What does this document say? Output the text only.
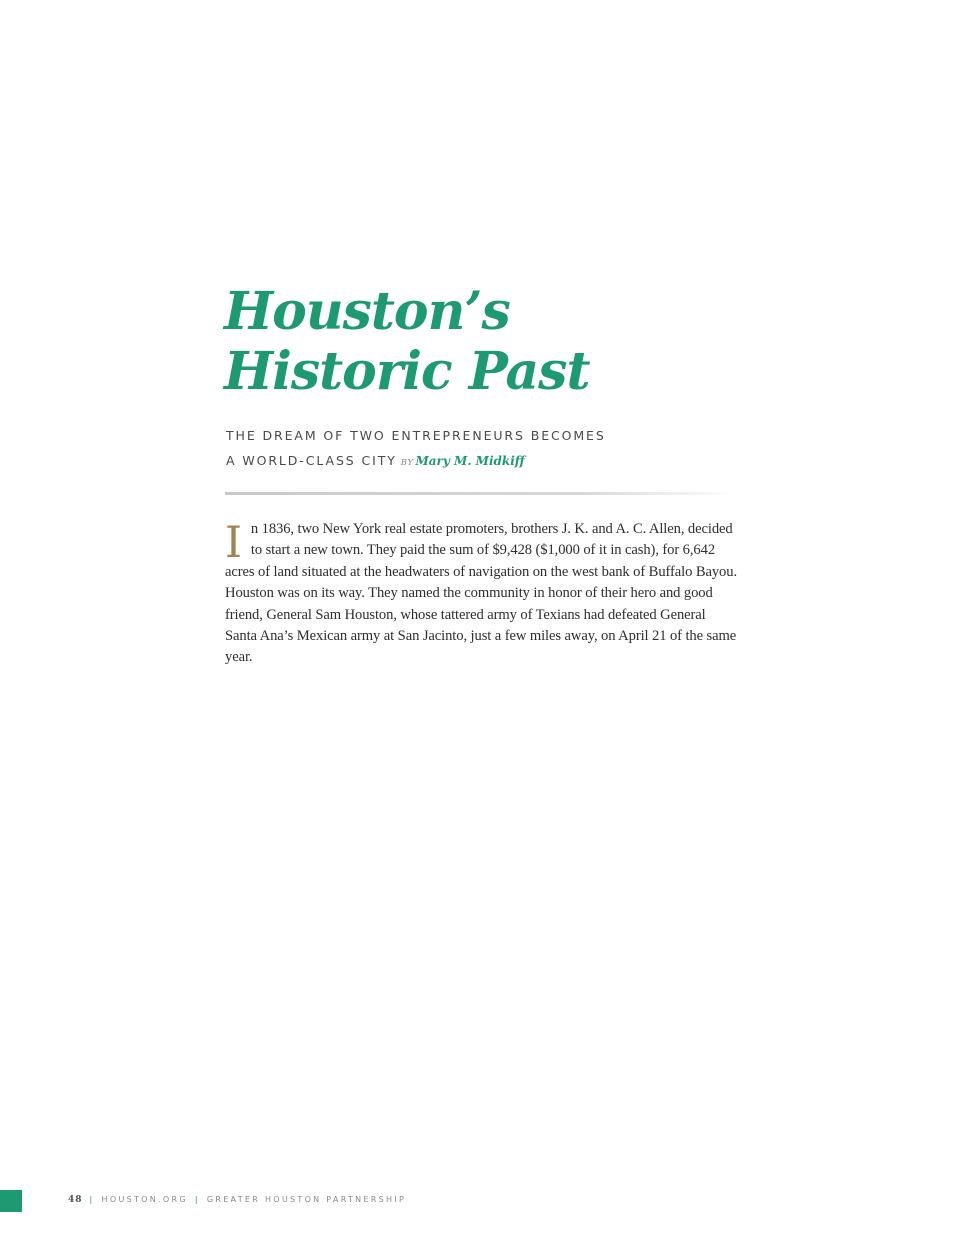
Houston’s
Historic Past

THE DREAM OF TWO ENTREPRENEURS BECOMES
A WORLD-CLASS CITY BY Mary M. Midkiff

In 1836, two New York real estate promoters, brothers J. K. and A. C. Allen, decided to start a new town. They paid the sum of $9,428 ($1,000 of it in cash), for 6,642 acres of land situated at the headwaters of navigation on the west bank of Buffalo Bayou. Houston was on its way. They named the community in honor of their hero and good friend, General Sam Houston, whose tattered army of Texians had defeated General Santa Ana’s Mexican army at San Jacinto, just a few miles away, on April 21 of the same year.

48 | HOUSTON.ORG | GREATER HOUSTON PARTNERSHIP
